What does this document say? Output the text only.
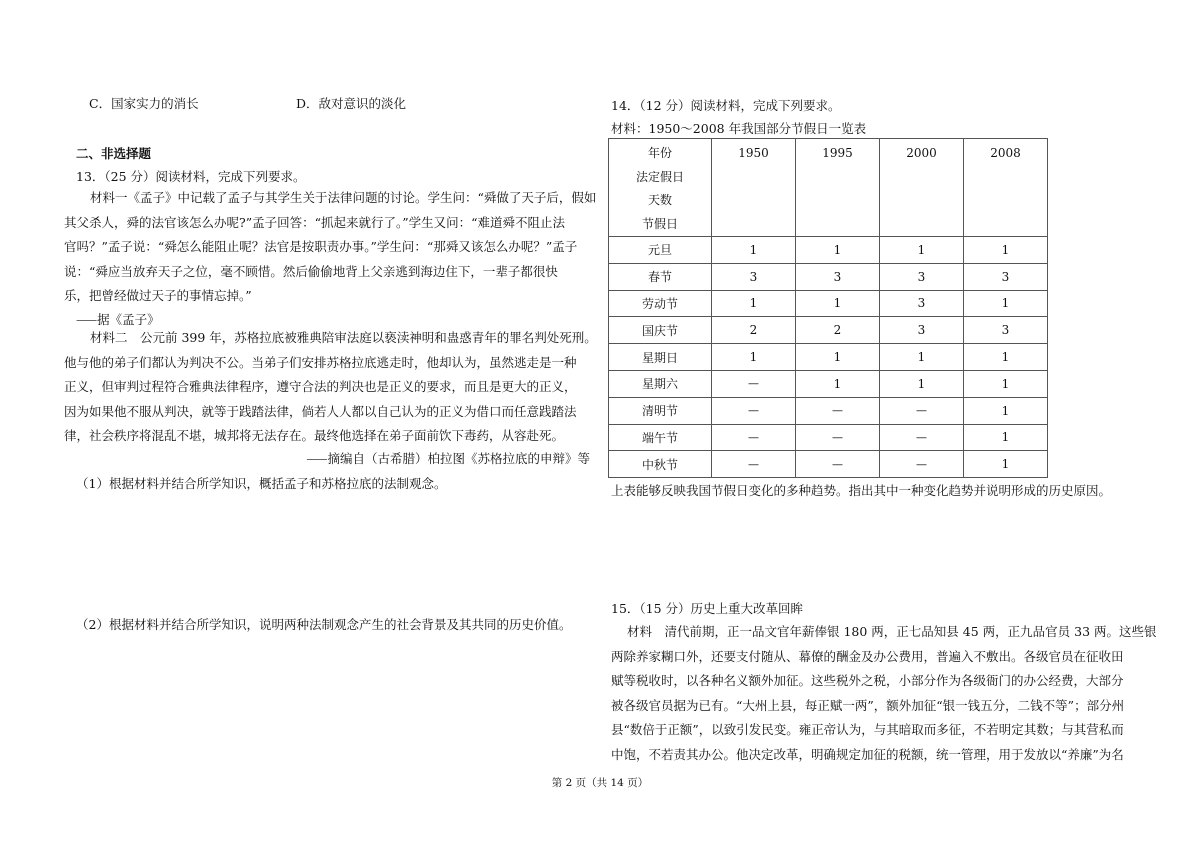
C．国家实力的消长	D．敌对意识的淡化
二、非选择题
13．（25 分）阅读材料，完成下列要求。
材料一《孟子》中记载了孟子与其学生关于法律问题的讨论。学生问：“舜做了天子后，假如
其父杀人，舜的法官该怎么办呢?”孟子回答：“抓起来就行了。”学生又问：“难道舜不阻止法
官吗？”孟子说：“舜怎么能阻止呢？法官是按职责办事。”学生问：“那舜又该怎么办呢？”孟子
说：“舜应当放弃天子之位，毫不顾惜。然后偷偷地背上父亲逃到海边住下，一辈子都很快
乐，把曾经做过天子的事情忘掉。”
⸺据《孟子》
材料二　公元前 399 年，苏格拉底被雅典陪审法庭以亵渎神明和蛊惑青年的罪名判处死刑。
他与他的弟子们都认为判决不公。当弟子们安排苏格拉底逃走时，他却认为，虽然逃走是一种
正义，但审判过程符合雅典法律程序，遵守合法的判决也是正义的要求，而且是更大的正义，
因为如果他不服从判决，就等于践踏法律，倘若人人都以自己认为的正义为借口而任意践踏法
律，社会秩序将混乱不堪，城邦将无法存在。最终他选择在弟子面前饮下毒药，从容赴死。
⸺摘编自（古希腊）柏拉图《苏格拉底的申辩》等
（1）根据材料并结合所学知识，概括孟子和苏格拉底的法制观念。
（2）根据材料并结合所学知识，说明两种法制观念产生的社会背景及其共同的历史价值。
14．（12 分）阅读材料，完成下列要求。
材料：1950～2008 年我国部分节假日一览表
年份
法定假日
天数
节假日	1950	1995	2000	2008

元旦	1	1	1	1
春节	3	3	3	3
劳动节	1	1	3	1
国庆节	2	2	3	3
星期日	1	1	1	1
星期六	—	1	1	1
清明节	—	—	—	1
端午节	—	—	—	1
中秋节	—	—	—	1
上表能够反映我国节假日变化的多种趋势。指出其中一种变化趋势并说明形成的历史原因。
15．（15 分）历史上重大改革回眸
材料　清代前期，正一品文官年薪俸银 180 两，正七品知县 45 两，正九品官员 33 两。这些银
两除养家糊口外，还要支付随从、幕僚的酬金及办公费用，普遍入不敷出。各级官员在征收田
赋等税收时，以各种名义额外加征。这些税外之税，小部分作为各级衙门的办公经费，大部分
被各级官员据为已有。“大州上县，每正赋一两”，额外加征“银一钱五分，二钱不等”；部分州
县“数倍于正额”，以致引发民变。雍正帝认为，与其暗取而多征，不若明定其数；与其营私而
中饱，不若责其办公。他决定改革，明确规定加征的税额，统一管理，用于发放以“养廉”为名
第 2 页（共 14 页）
